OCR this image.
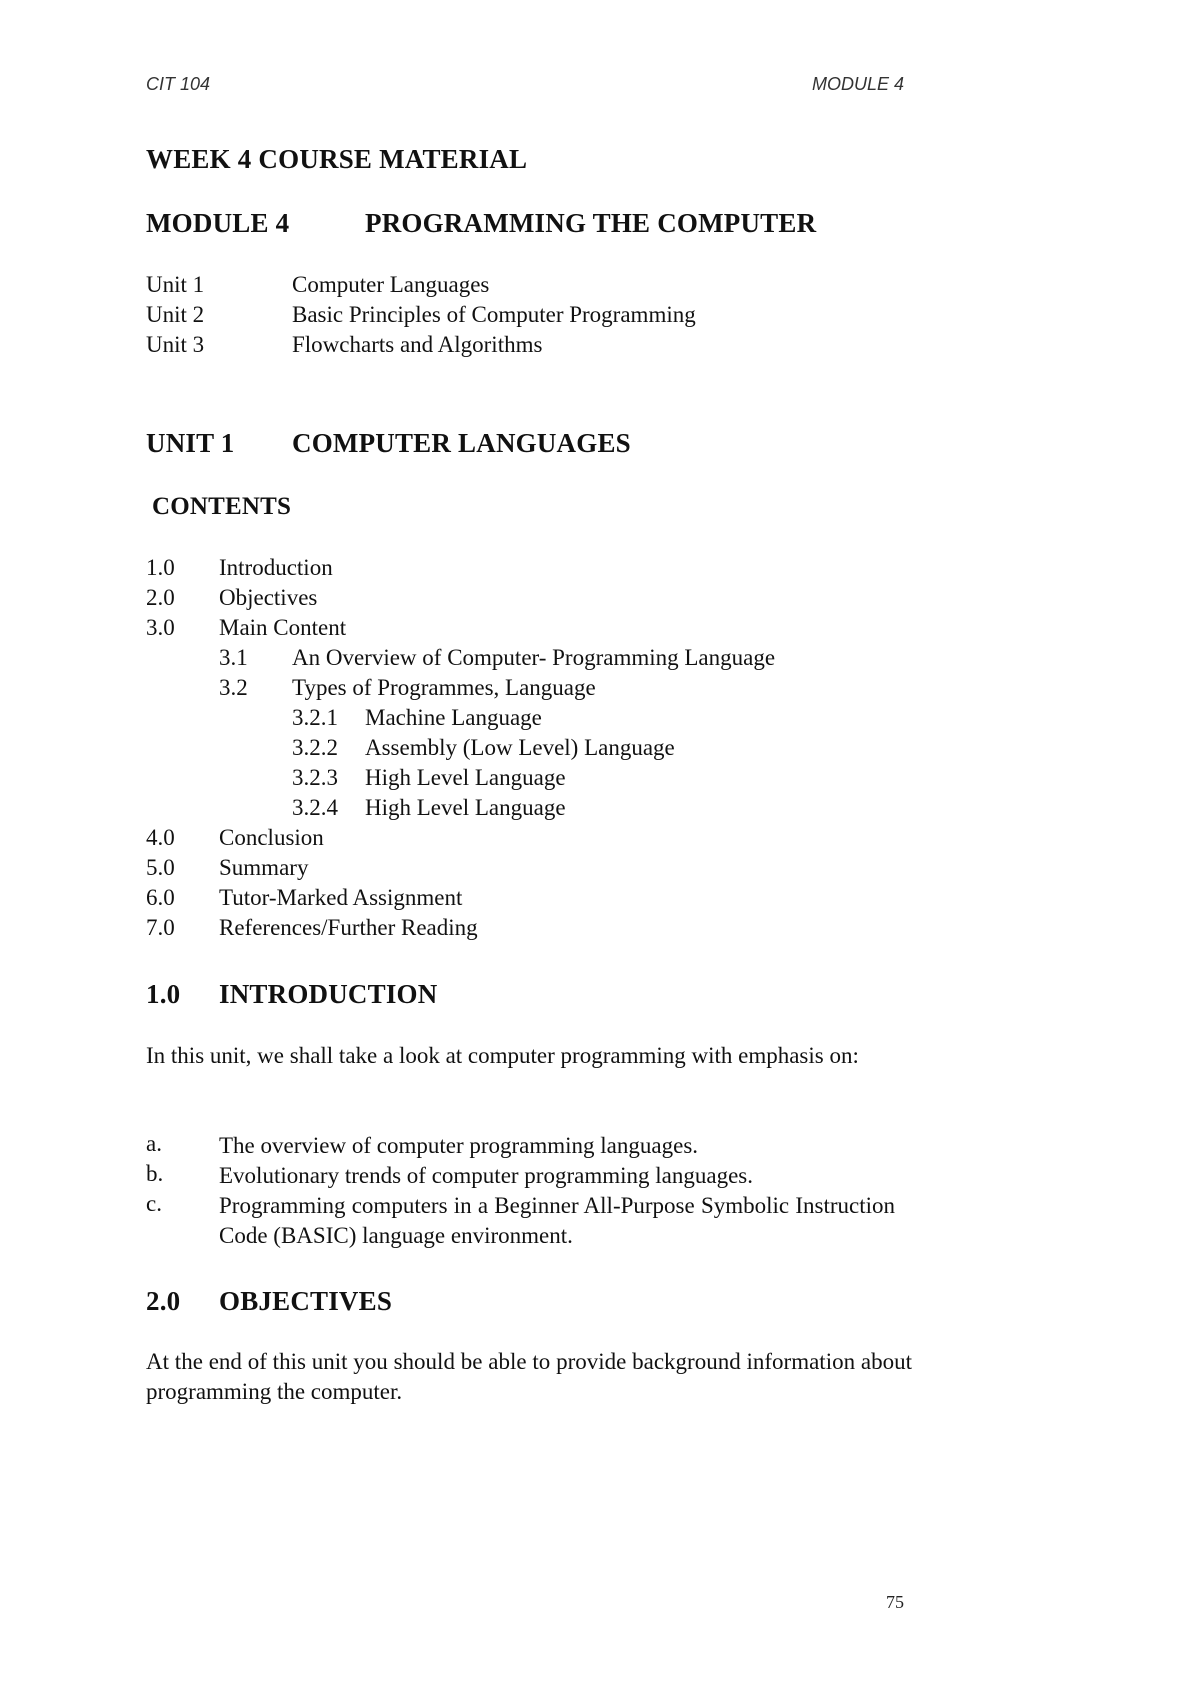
CIT 104	MODULE 4
WEEK 4 COURSE MATERIAL
MODULE 4	PROGRAMMING THE COMPUTER
Unit 1	Computer Languages
Unit 2	Basic Principles of Computer Programming
Unit 3	Flowcharts and Algorithms
UNIT 1 COMPUTER LANGUAGES
CONTENTS
1.0 Introduction
2.0 Objectives
3.0 Main Content
3.1 An Overview of Computer- Programming Language
3.2 Types of Programmes, Language
3.2.1 Machine Language
3.2.2 Assembly (Low Level) Language
3.2.3 High Level Language
3.2.4 High Level Language
4.0 Conclusion
5.0 Summary
6.0 Tutor-Marked Assignment
7.0 References/Further Reading
1.0 INTRODUCTION
In this unit, we shall take a look at computer programming with emphasis on:
a. The overview of computer programming languages.
b. Evolutionary trends of computer programming languages.
c. Programming computers in a Beginner All-Purpose Symbolic Instruction Code (BASIC) language environment.
2.0 OBJECTIVES
At the end of this unit you should be able to provide background information about programming the computer.
75
